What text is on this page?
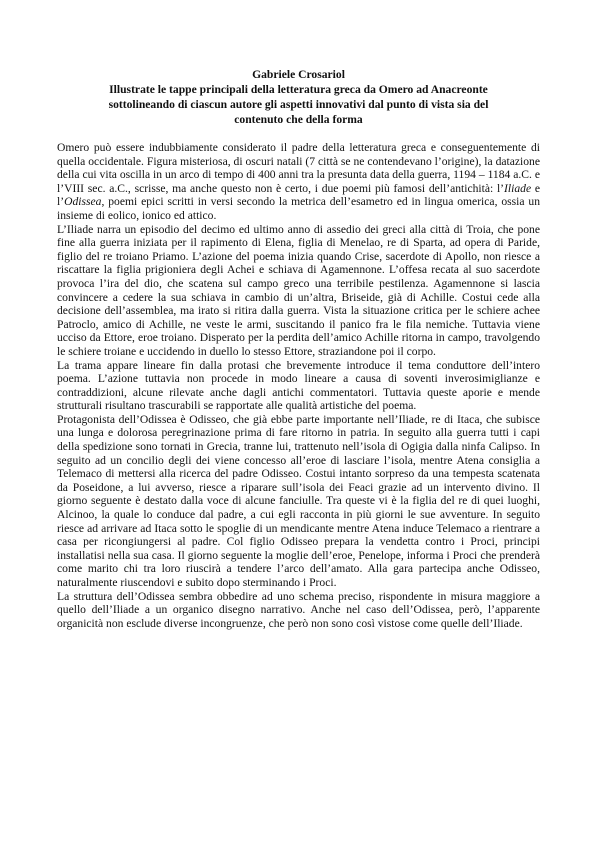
Gabriele Crosariol
Illustrate le tappe principali della letteratura greca da Omero ad Anacreonte
sottolineando di ciascun autore gli aspetti innovativi dal punto di vista sia del
contenuto che della forma

Omero può essere indubbiamente considerato il padre della letteratura greca e conseguentemente di quella occidentale. Figura misteriosa, di oscuri natali (7 città se ne contendevano l’origine), la datazione della cui vita oscilla in un arco di tempo di 400 anni tra la presunta data della guerra, 1194 – 1184 a.C. e l’VIII sec. a.C., scrisse, ma anche questo non è certo, i due poemi più famosi dell’antichità: l’Iliade e l’Odissea, poemi epici scritti in versi secondo la metrica dell’esametro ed in lingua omerica, ossia un insieme di eolico, ionico ed attico.

L’Iliade narra un episodio del decimo ed ultimo anno di assedio dei greci alla città di Troia, che pone fine alla guerra iniziata per il rapimento di Elena, figlia di Menelao, re di Sparta, ad opera di Paride, figlio del re troiano Priamo. L’azione del poema inizia quando Crise, sacerdote di Apollo, non riesce a riscattare la figlia prigioniera degli Achei e schiava di Agamennone. L’offesa recata al suo sacerdote provoca l’ira del dio, che scatena sul campo greco una terribile pestilenza. Agamennone si lascia convincere a cedere la sua schiava in cambio di un’altra, Briseide, già di Achille. Costui cede alla decisione dell’assemblea, ma irato si ritira dalla guerra. Vista la situazione critica per le schiere achee Patroclo, amico di Achille, ne veste le armi, suscitando il panico fra le fila nemiche. Tuttavia viene ucciso da Ettore, eroe troiano. Disperato per la perdita dell’amico Achille ritorna in campo, travolgendo le schiere troiane e uccidendo in duello lo stesso Ettore, straziandone poi il corpo.

La trama appare lineare fin dalla protasi che brevemente introduce il tema conduttore dell’intero poema. L’azione tuttavia non procede in modo lineare a causa di soventi inverosimiglianze e contraddizioni, alcune rilevate anche dagli antichi commentatori. Tuttavia queste aporie e mende strutturali risultano trascurabili se rapportate alle qualità artistiche del poema.

Protagonista dell’Odissea è Odisseo, che già ebbe parte importante nell’Iliade, re di Itaca, che subisce una lunga e dolorosa peregrinazione prima di fare ritorno in patria. In seguito alla guerra tutti i capi della spedizione sono tornati in Grecia, tranne lui, trattenuto nell’isola di Ogigia dalla ninfa Calipso. In seguito ad un concilio degli dei viene concesso all’eroe di lasciare l’isola, mentre Atena consiglia a Telemaco di mettersi alla ricerca del padre Odisseo. Costui intanto sorpreso da una tempesta scatenata da Poseidone, a lui avverso, riesce a riparare sull’isola dei Feaci grazie ad un intervento divino. Il giorno seguente è destato dalla voce di alcune fanciulle. Tra queste vi è la figlia del re di quei luoghi, Alcinoo, la quale lo conduce dal padre, a cui egli racconta in più giorni le sue avventure. In seguito riesce ad arrivare ad Itaca sotto le spoglie di un mendicante mentre Atena induce Telemaco a rientrare a casa per ricongiungersi al padre. Col figlio Odisseo prepara la vendetta contro i Proci, principi installatisi nella sua casa. Il giorno seguente la moglie dell’eroe, Penelope, informa i Proci che prenderà come marito chi tra loro riuscirà a tendere l’arco dell’amato. Alla gara partecipa anche Odisseo, naturalmente riuscendovi e subito dopo sterminando i Proci.

La struttura dell’Odissea sembra obbedire ad uno schema preciso, rispondente in misura maggiore a quello dell’Iliade a un organico disegno narrativo. Anche nel caso dell’Odissea, però, l’apparente organicità non esclude diverse incongruenze, che però non sono così vistose come quelle dell’Iliade.
